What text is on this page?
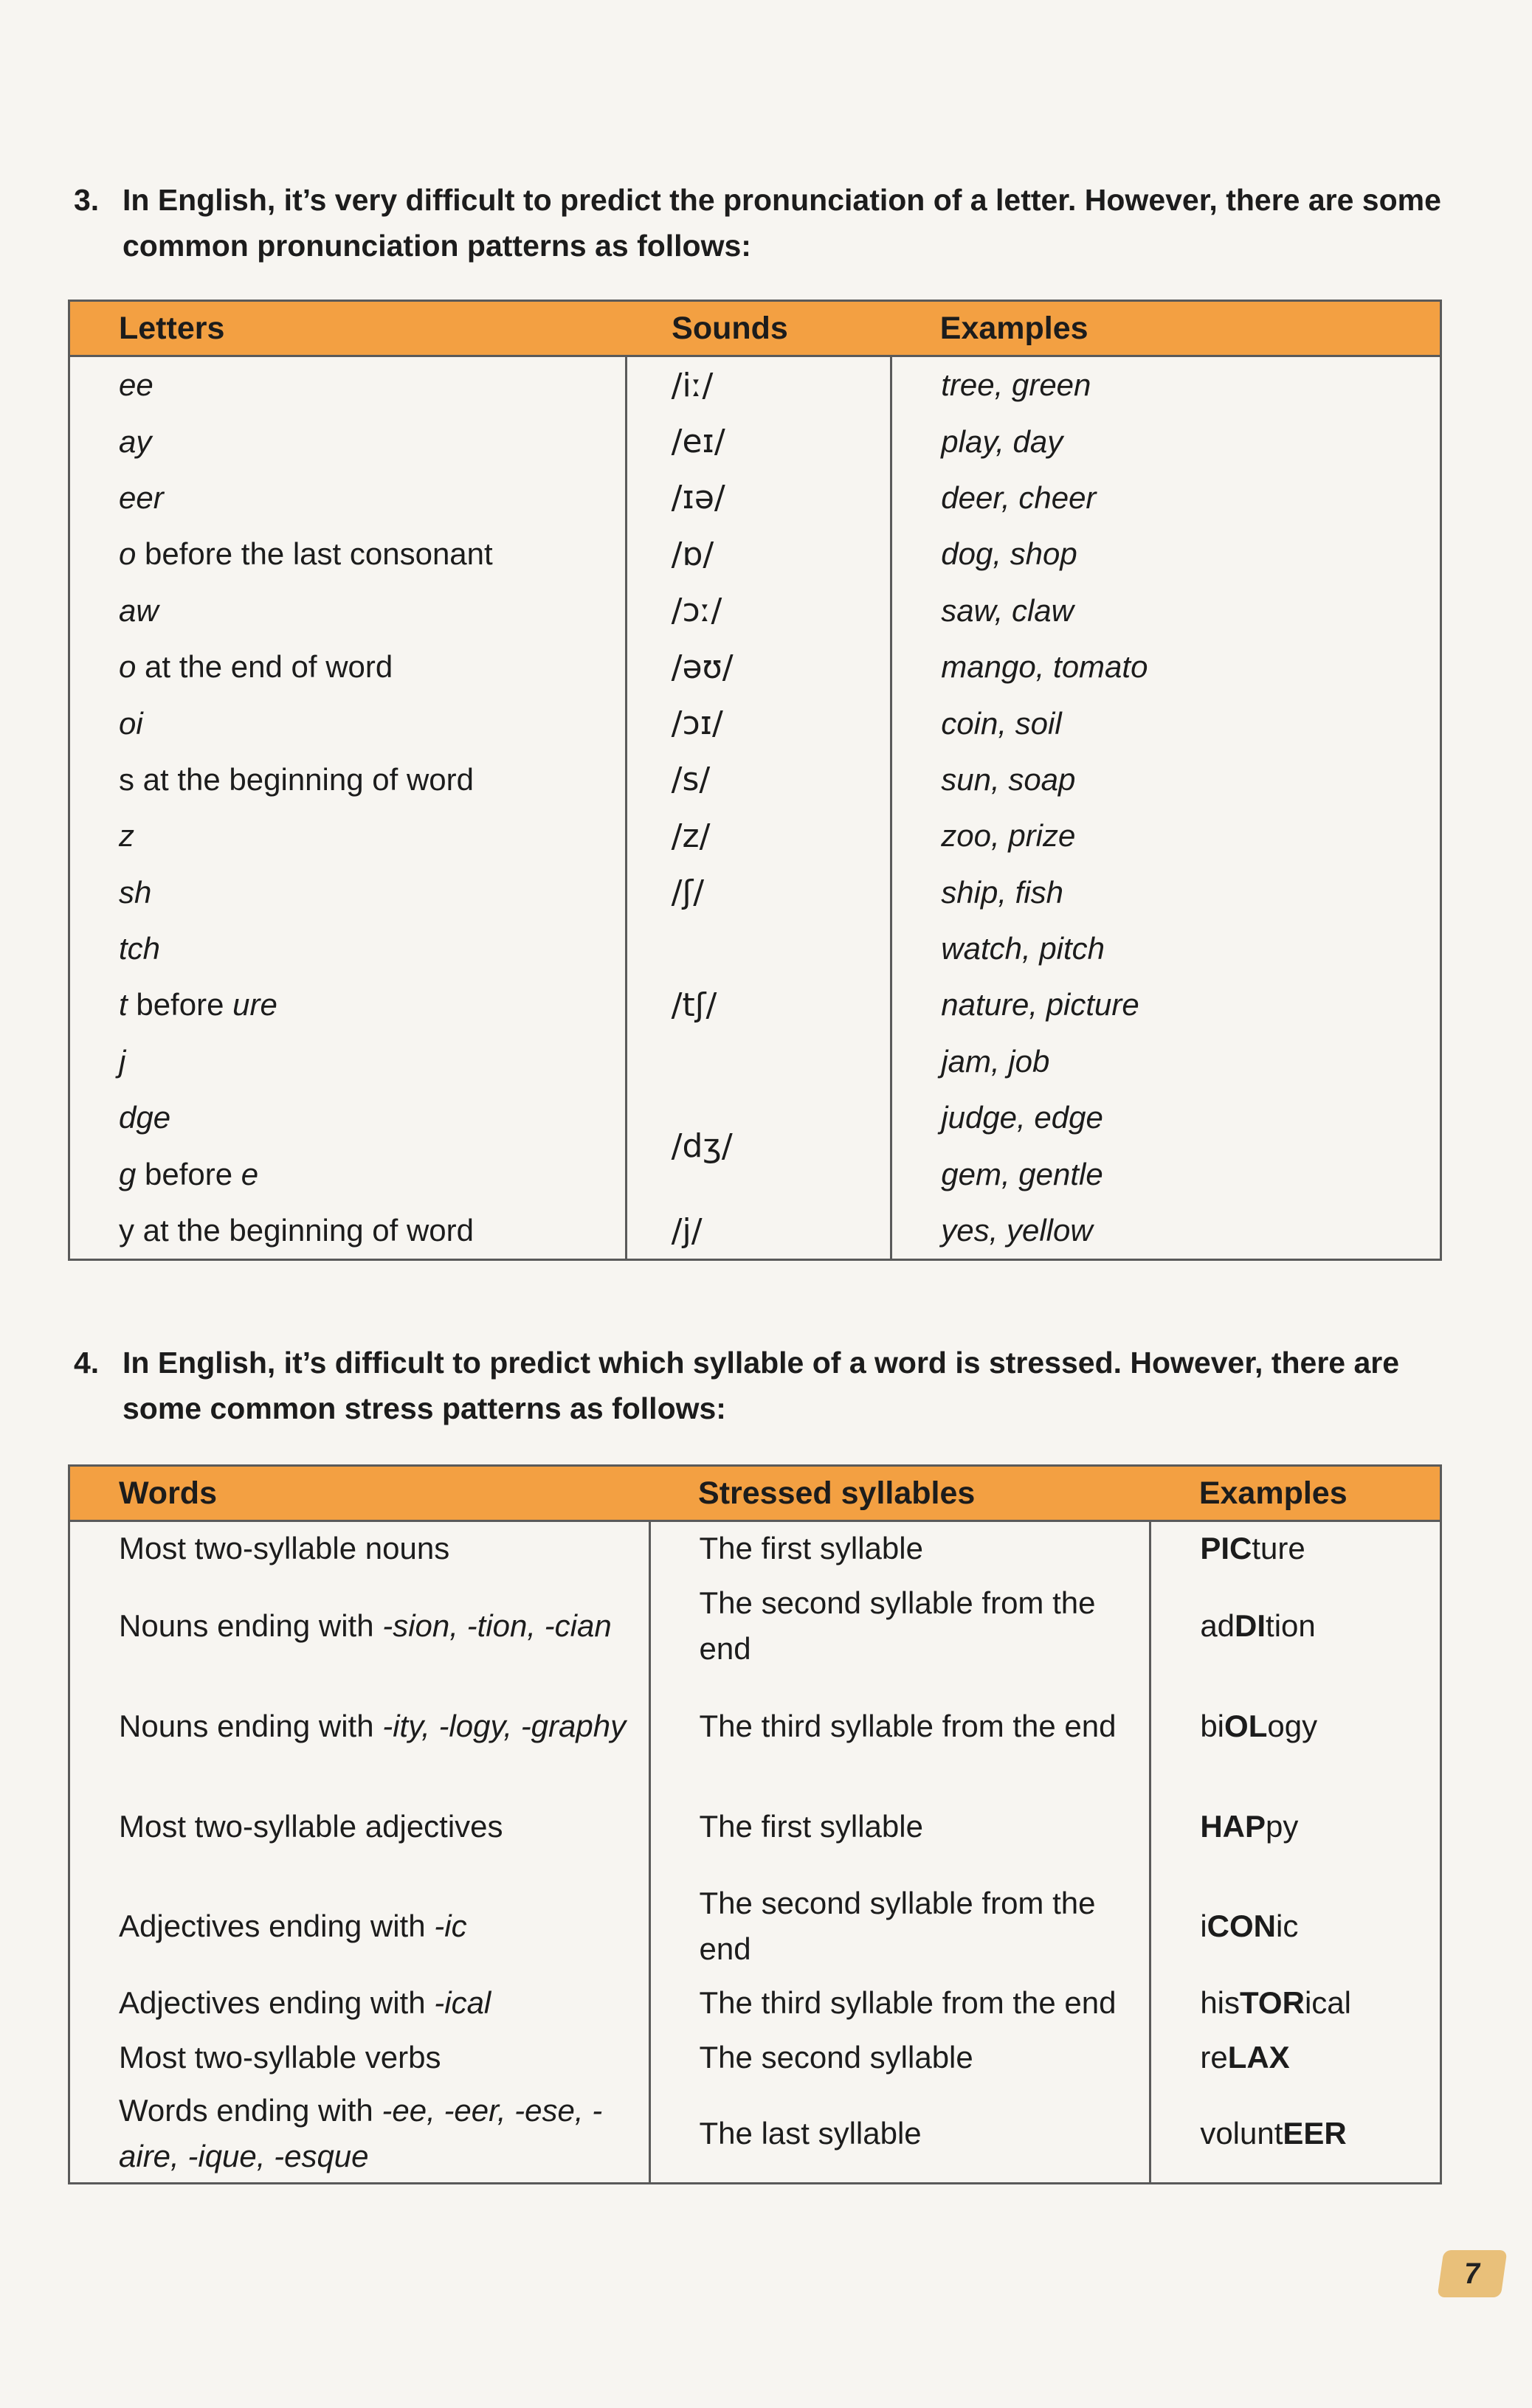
3. In English, it’s very difficult to predict the pronunciation of a letter. However, there are some common pronunciation patterns as follows:
Letters	Sounds	Examples
ee	/iː/	tree, green
ay	/eɪ/	play, day
eer	/ɪə/	deer, cheer
o before the last consonant	/ɒ/	dog, shop
aw	/ɔː/	saw, claw
o at the end of word	/əʊ/	mango, tomato
oi	/ɔɪ/	coin, soil
s at the beginning of word	/s/	sun, soap
z	/z/	zoo, prize
sh	/ʃ/	ship, fish
tch	/tʃ/	watch, pitch
t before ure		nature, picture
j		jam, job
dge	/dʒ/	judge, edge
g before e		gem, gentle
y at the beginning of word	/j/	yes, yellow
4. In English, it’s difficult to predict which syllable of a word is stressed. However, there are some common stress patterns as follows:
Words	Stressed syllables	Examples
Most two-syllable nouns	The first syllable	PICture
Nouns ending with -sion, -tion, -cian	The second syllable from the end	adDItion
Nouns ending with -ity, -logy, -graphy	The third syllable from the end	biOLogy
Most two-syllable adjectives	The first syllable	HAPpy
Adjectives ending with -ic	The second syllable from the end	iCONic
Adjectives ending with -ical	The third syllable from the end	hisTORical
Most two-syllable verbs	The second syllable	reLAX
Words ending with -ee, -eer, -ese, -aire, -ique, -esque	The last syllable	voluntEER
7
